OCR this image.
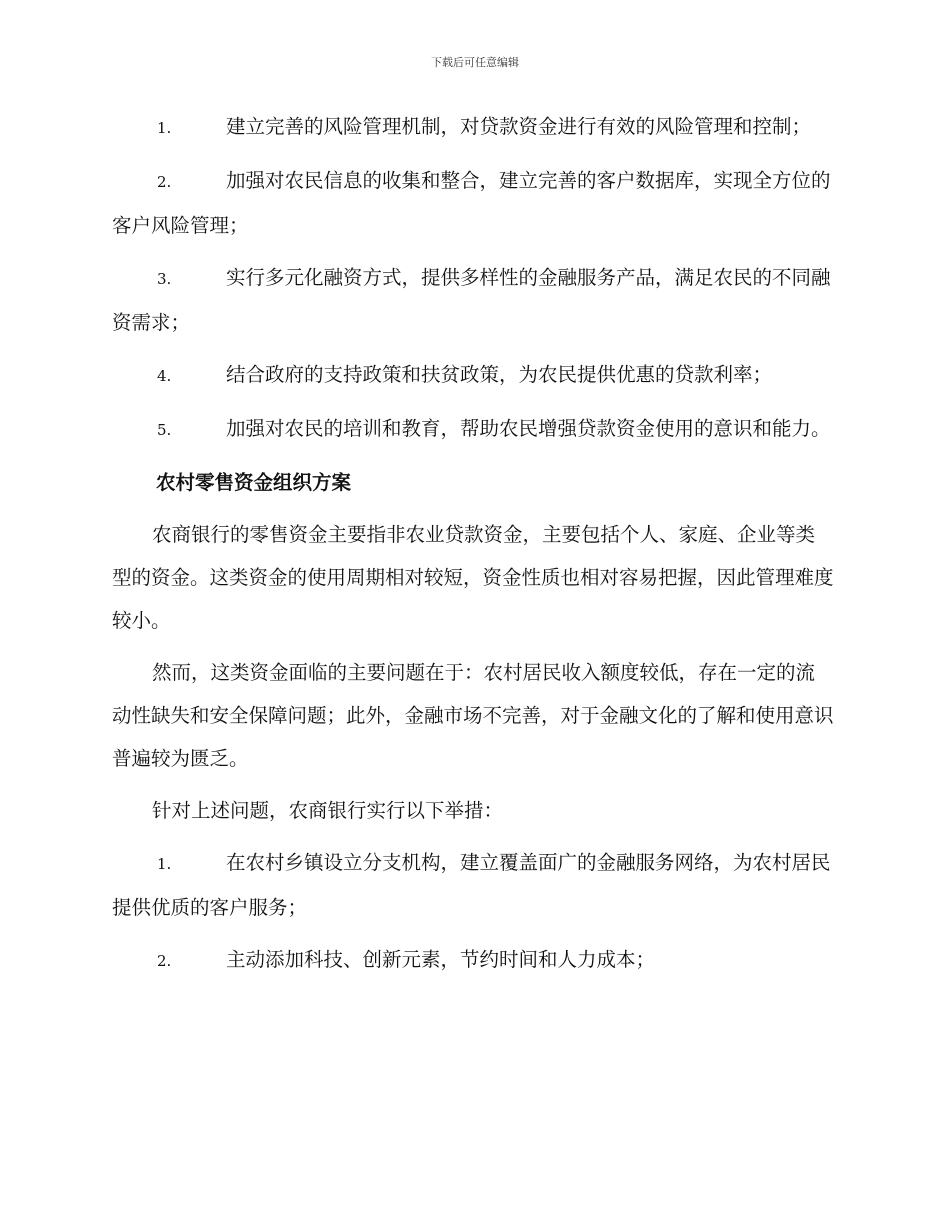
下载后可任意编辑

1.	建立完善的风险管理机制，对贷款资金进行有效的风险管理和控制；

2.	加强对农民信息的收集和整合，建立完善的客户数据库，实现全方位的客户风险管理；

3.	实行多元化融资方式，提供多样性的金融服务产品，满足农民的不同融资需求；

4.	结合政府的支持政策和扶贫政策，为农民提供优惠的贷款利率；

5.	加强对农民的培训和教育，帮助农民增强贷款资金使用的意识和能力。

农村零售资金组织方案

农商银行的零售资金主要指非农业贷款资金，主要包括个人、家庭、企业等类型的资金。这类资金的使用周期相对较短，资金性质也相对容易把握，因此管理难度较小。

然而，这类资金面临的主要问题在于：农村居民收入额度较低，存在一定的流动性缺失和安全保障问题；此外，金融市场不完善，对于金融文化的了解和使用意识普遍较为匮乏。

针对上述问题，农商银行实行以下举措：

1.	在农村乡镇设立分支机构，建立覆盖面广的金融服务网络，为农村居民提供优质的客户服务；

2.	主动添加科技、创新元素，节约时间和人力成本；
